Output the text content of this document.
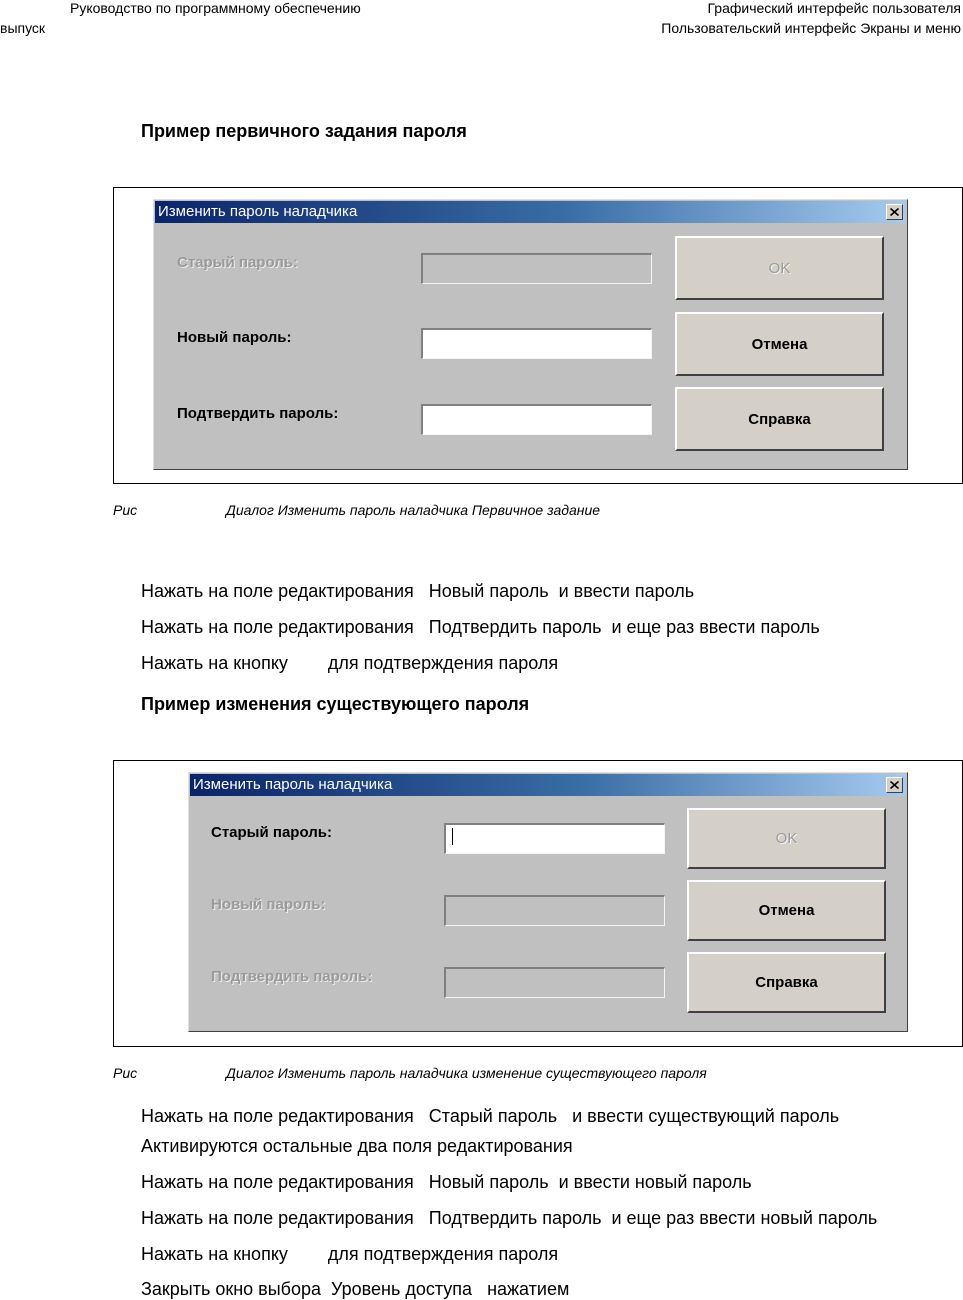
Руководство по программному обеспечению
выпуск
Графический интерфейс пользователя
Пользовательский интерфейс Экраны и меню
Пример первичного задания пароля
Изменить пароль наладчика
Старый пароль:
Новый пароль:
Подтвердить пароль:
OK
Отмена
Справка
Рис	Диалог Изменить пароль наладчика Первичное задание
Нажать на поле редактирования   Новый пароль  и ввести пароль
Нажать на поле редактирования   Подтвердить пароль  и еще раз ввести пароль
Нажать на кнопку        для подтверждения пароля
Пример изменения существующего пароля
Изменить пароль наладчика
Старый пароль:
Новый пароль:
Подтвердить пароль:
OK
Отмена
Справка
Рис	Диалог Изменить пароль наладчика изменение существующего пароля
Нажать на поле редактирования   Старый пароль   и ввести существующий пароль
Активируются остальные два поля редактирования
Нажать на поле редактирования   Новый пароль  и ввести новый пароль
Нажать на поле редактирования   Подтвердить пароль  и еще раз ввести новый пароль
Нажать на кнопку        для подтверждения пароля
Закрыть окно выбора  Уровень доступа   нажатием
